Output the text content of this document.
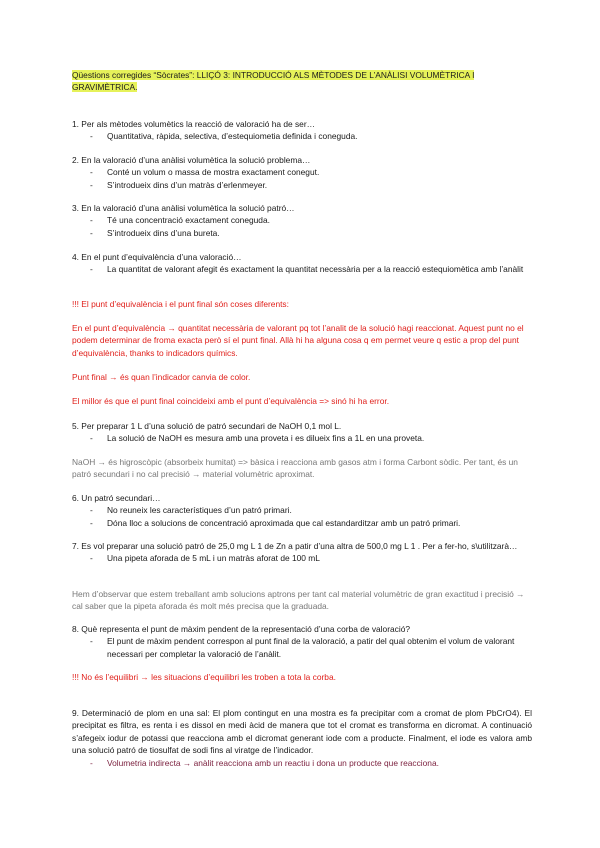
Qüestions corregides “Sòcrates”: LLIÇÓ 3: INTRODUCCIÓ ALS MÈTODES DE L’ANÀLISI VOLUMÈTRICA I GRAVIMÈTRICA.

1. Per als mètodes volumètics la reacció de valoració ha de ser…

- Quantitativa, ràpida, selectiva, d’estequiometia definida i coneguda.

2. En la valoració d’una anàlisi volumètica la solució problema…

- Conté un volum o massa de mostra exactament conegut.
- S’introdueix dins d’un matràs d’erlenmeyer.

3. En la valoració d’una anàlisi volumètica la solució patró…

- Té una concentració exactament coneguda.
- S’introdueix dins d’una bureta.

4. En el punt d’equivalència d’una valoració…

- La quantitat de valorant afegit és exactament la quantitat necessària per a la reacció estequiomètica amb l’anàlit

!!! El punt d’equivalència i el punt final són coses diferents:

En el punt d’equivalència → quantitat necessària de valorant pq tot l’analit de la solució hagi reaccionat. Aquest punt no el podem determinar de froma exacta però sí el punt final. Allà hi ha alguna cosa q em permet veure q estic a prop del punt d’equivalència, thanks to indicadors químics.

Punt final → és quan l’indicador canvia de color.

El millor és que el punt final coincideixi amb el punt d’equivalència => sinó hi ha error.

5. Per preparar 1 L d’una solució de patró secundari de NaOH 0,1 mol L.

- La solució de NaOH es mesura amb una proveta i es dilueix fins a 1L en una proveta.

NaOH → és higroscòpic (absorbeix humitat) => bàsica i reacciona amb gasos atm i forma Carbont sòdic. Per tant, és un patró secundari i no cal precisió → material volumètric aproximat.

6. Un patró secundari…

- No reuneix les característiques d’un patró primari.
- Dóna lloc a solucions de concentració aproximada que cal estandarditzar amb un patró primari.

7. Es vol preparar una solució patró de 25,0 mg L 1 de Zn a patir d’una altra de 500,0 mg L 1 . Per a fer-ho, s\utilitzarà…

- Una pipeta aforada de 5 mL i un matràs aforat de 100 mL

Hem d’observar que estem treballant amb solucions aptrons per tant cal material volumètric de gran exactitud i precisió → cal saber que la pipeta aforada és molt més precisa que la graduada.

8. Què representa el punt de màxim pendent de la representació d’una corba de valoració?

- El punt de màxim pendent correspon al punt final de la valoració, a patir del qual obtenim el volum de valorant necessari per completar la valoració de l’anàlit.

!!! No és l’equilibri → les situacions d’equilibri les troben a tota la corba.

9. Determinació de plom en una sal: El plom contingut en una mostra es fa precipitar com a cromat de plom PbCrO4). El precipitat es filtra, es renta i es dissol en medi àcid de manera que tot el cromat es transforma en dicromat. A continuació s’afegeix iodur de potassi que reacciona amb el dicromat generant iode com a producte. Finalment, el iode es valora amb una solució patró de tiosulfat de sodi fins al viratge de l’indicador.

- Volumetria indirecta → anàlit reacciona amb un reactiu i dona un producte que reacciona.
